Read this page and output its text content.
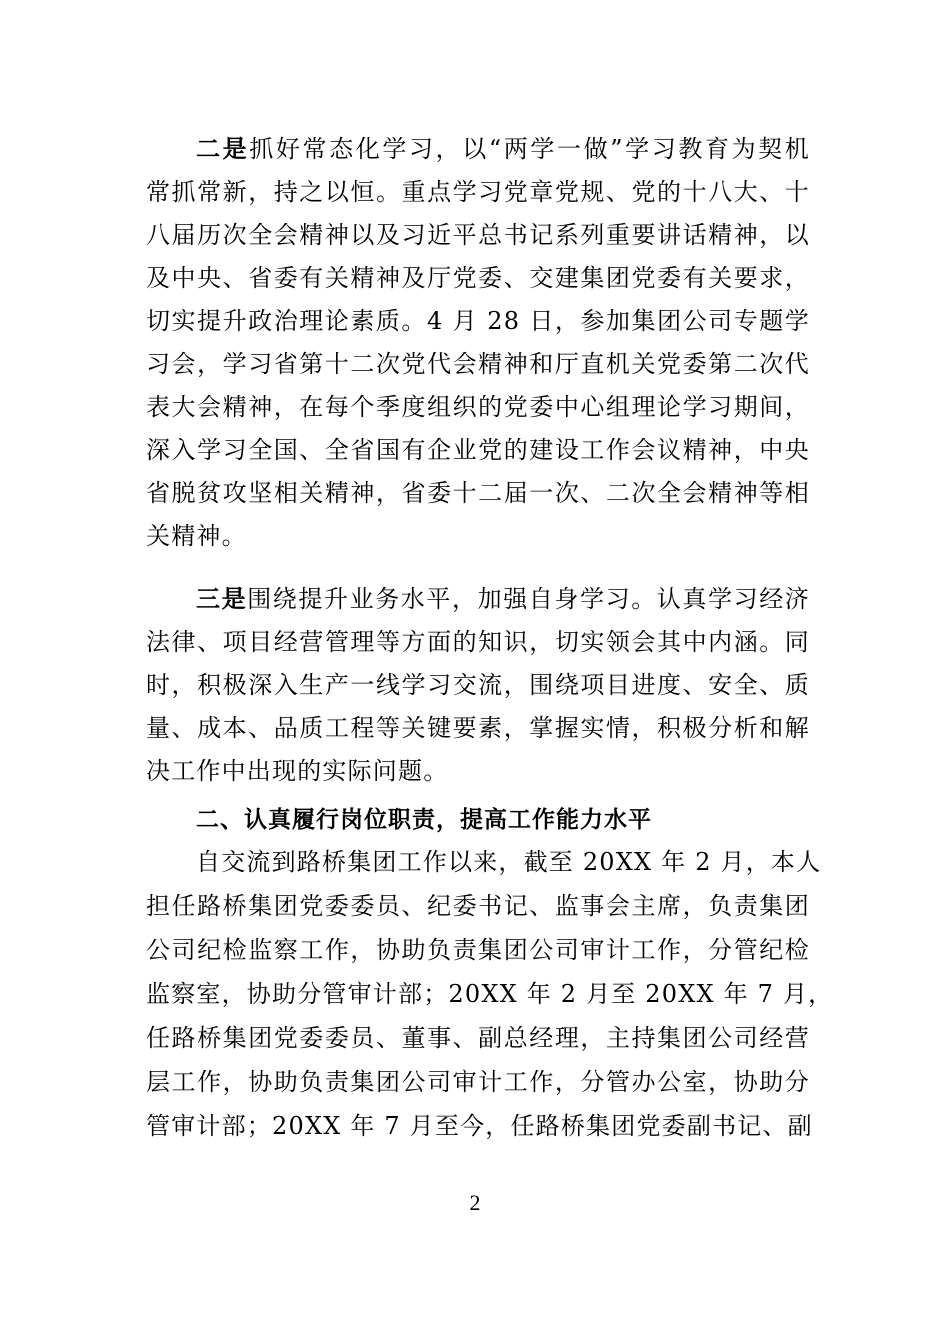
二是抓好常态化学习，以“两学一做”学习教育为契机
常抓常新，持之以恒。重点学习党章党规、党的十八大、十
八届历次全会精神以及习近平总书记系列重要讲话精神，以
及中央、省委有关精神及厅党委、交建集团党委有关要求，
切实提升政治理论素质。4 月 28 日，参加集团公司专题学
习会，学习省第十二次党代会精神和厅直机关党委第二次代
表大会精神，在每个季度组织的党委中心组理论学习期间，
深入学习全国、全省国有企业党的建设工作会议精神，中央
省脱贫攻坚相关精神，省委十二届一次、二次全会精神等相
关精神。
三是围绕提升业务水平，加强自身学习。认真学习经济
法律、项目经营管理等方面的知识，切实领会其中内涵。同
时，积极深入生产一线学习交流，围绕项目进度、安全、质
量、成本、品质工程等关键要素，掌握实情，积极分析和解
决工作中出现的实际问题。
二、认真履行岗位职责，提高工作能力水平
自交流到路桥集团工作以来，截至 20XX 年 2 月，本人
担任路桥集团党委委员、纪委书记、监事会主席，负责集团
公司纪检监察工作，协助负责集团公司审计工作，分管纪检
监察室，协助分管审计部；20XX 年 2 月至 20XX 年 7 月，
任路桥集团党委委员、董事、副总经理，主持集团公司经营
层工作，协助负责集团公司审计工作，分管办公室，协助分
管审计部；20XX 年 7 月至今，任路桥集团党委副书记、副
2
